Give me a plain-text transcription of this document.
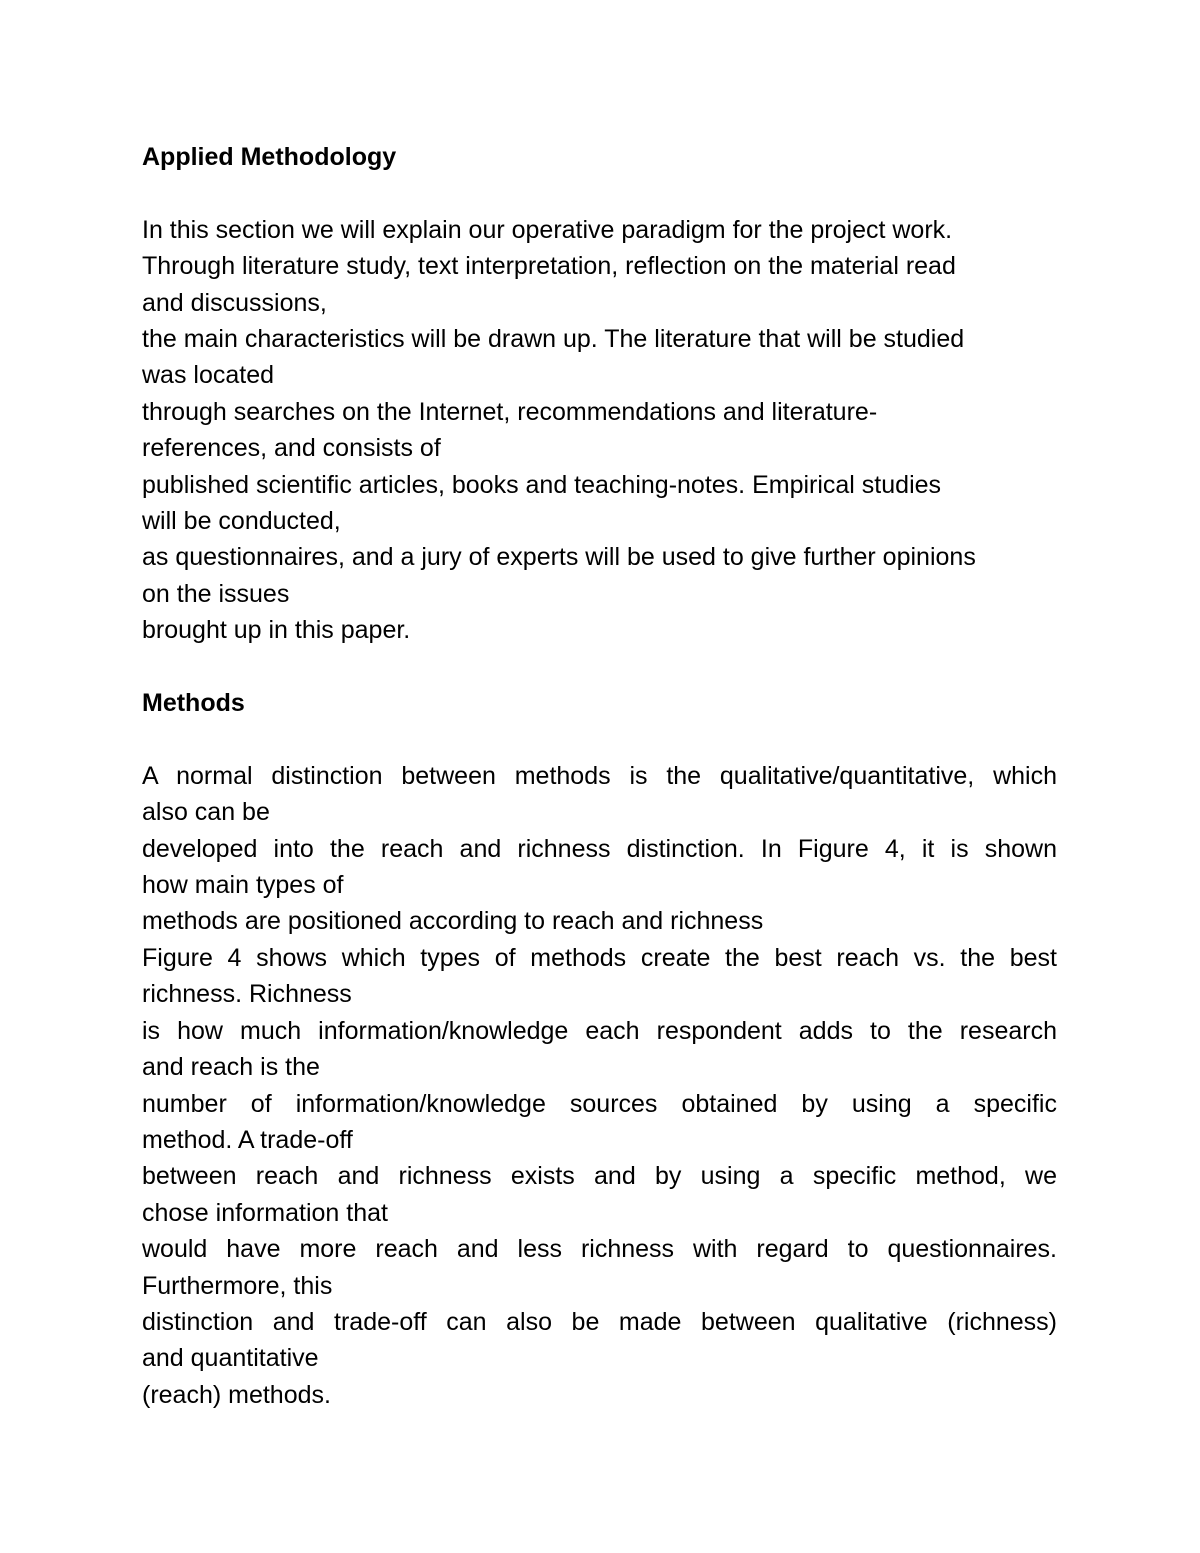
Applied Methodology
In this section we will explain our operative paradigm for the project work.
Through literature study, text interpretation, reflection on the material read
and discussions,
the main characteristics will be drawn up. The literature that will be studied
was located
through searches on the Internet, recommendations and literature-
references, and consists of
published scientific articles, books and teaching-notes. Empirical studies
will be conducted,
as questionnaires, and a jury of experts will be used to give further opinions
on the issues
brought up in this paper.
Methods
A normal distinction between methods is the qualitative/quantitative, which
also can be
developed into the reach and richness distinction. In Figure 4, it is shown
how main types of
methods are positioned according to reach and richness
Figure 4 shows which types of methods create the best reach vs. the best
richness. Richness
is how much information/knowledge each respondent adds to the research
and reach is the
number of information/knowledge sources obtained by using a specific
method. A trade-off
between reach and richness exists and by using a specific method, we
chose information that
would have more reach and less richness with regard to questionnaires.
Furthermore, this
distinction and trade-off can also be made between qualitative (richness)
and quantitative
(reach) methods.
